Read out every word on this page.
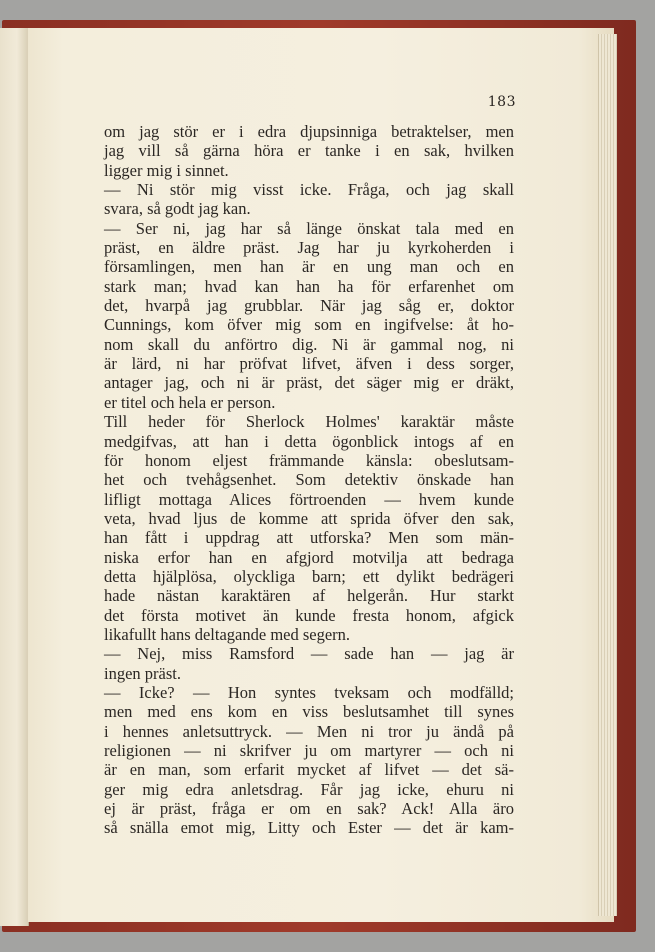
183
om jag stör er i edra djupsinniga betraktelser, men
jag vill så gärna höra er tanke i en sak, hvilken
ligger mig i sinnet.
— Ni stör mig visst icke. Fråga, och jag skall
svara, så godt jag kan.
— Ser ni, jag har så länge önskat tala med en
präst, en äldre präst. Jag har ju kyrkoherden i
församlingen, men han är en ung man och en
stark man; hvad kan han ha för erfarenhet om
det, hvarpå jag grubblar. När jag såg er, doktor
Cunnings, kom öfver mig som en ingifvelse: åt ho-
nom skall du anförtro dig. Ni är gammal nog, ni
är lärd, ni har pröfvat lifvet, äfven i dess sorger,
antager jag, och ni är präst, det säger mig er dräkt,
er titel och hela er person.
Till heder för Sherlock Holmes' karaktär måste
medgifvas, att han i detta ögonblick intogs af en
för honom eljest främmande känsla: obeslutsam-
het och tvehågsenhet. Som detektiv önskade han
lifligt mottaga Alices förtroenden — hvem kunde
veta, hvad ljus de komme att sprida öfver den sak,
han fått i uppdrag att utforska? Men som män-
niska erfor han en afgjord motvilja att bedraga
detta hjälplösa, olyckliga barn; ett dylikt bedrägeri
hade nästan karaktären af helgerån. Hur starkt
det första motivet än kunde fresta honom, afgick
likafullt hans deltagande med segern.
— Nej, miss Ramsford — sade han — jag är
ingen präst.
— Icke? — Hon syntes tveksam och modfälld;
men med ens kom en viss beslutsamhet till synes
i hennes anletsuttryck. — Men ni tror ju ändå på
religionen — ni skrifver ju om martyrer — och ni
är en man, som erfarit mycket af lifvet — det sä-
ger mig edra anletsdrag. Får jag icke, ehuru ni
ej är präst, fråga er om en sak? Ack! Alla äro
så snälla emot mig, Litty och Ester — det är kam-
